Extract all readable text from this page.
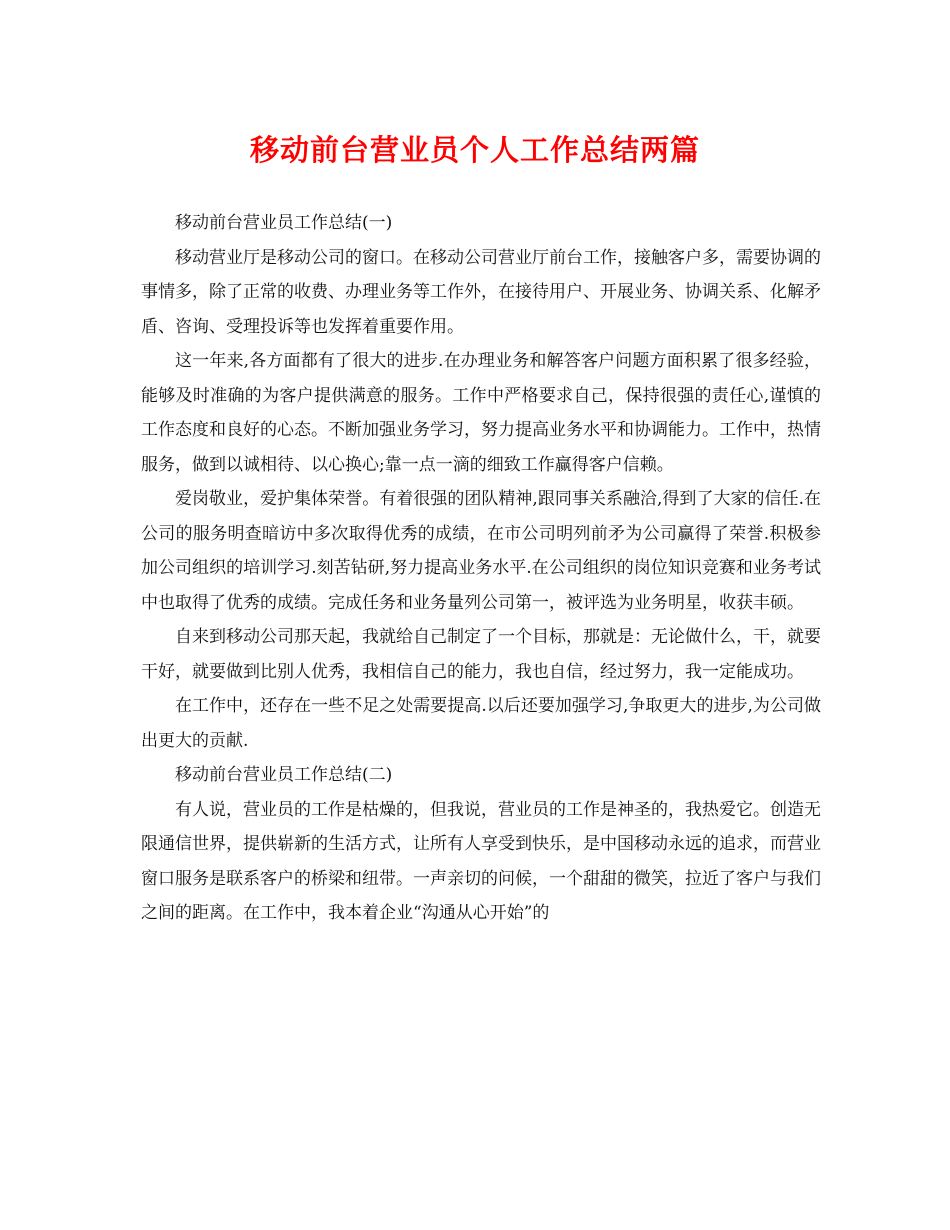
移动前台营业员个人工作总结两篇

移动前台营业员工作总结(一)

移动营业厅是移动公司的窗口。在移动公司营业厅前台工作，接触客户多，需要协调的事情多，除了正常的收费、办理业务等工作外，在接待用户、开展业务、协调关系、化解矛盾、咨询、受理投诉等也发挥着重要作用。

这一年来,各方面都有了很大的进步.在办理业务和解答客户问题方面积累了很多经验，能够及时准确的为客户提供满意的服务。工作中严格要求自己，保持很强的责任心,谨慎的工作态度和良好的心态。不断加强业务学习，努力提高业务水平和协调能力。工作中，热情服务，做到以诚相待、以心换心;靠一点一滴的细致工作赢得客户信赖。

爱岗敬业，爱护集体荣誉。有着很强的团队精神,跟同事关系融洽,得到了大家的信任.在公司的服务明查暗访中多次取得优秀的成绩，在市公司明列前矛为公司赢得了荣誉.积极参加公司组织的培训学习.刻苦钻研,努力提高业务水平.在公司组织的岗位知识竞赛和业务考试中也取得了优秀的成绩。完成任务和业务量列公司第一，被评选为业务明星，收获丰硕。

自来到移动公司那天起，我就给自己制定了一个目标，那就是：无论做什么，干，就要干好，就要做到比别人优秀，我相信自己的能力，我也自信，经过努力，我一定能成功。

在工作中，还存在一些不足之处需要提高.以后还要加强学习,争取更大的进步,为公司做出更大的贡献.

移动前台营业员工作总结(二)

有人说，营业员的工作是枯燥的，但我说，营业员的工作是神圣的，我热爱它。创造无限通信世界，提供崭新的生活方式，让所有人享受到快乐，是中国移动永远的追求，而营业窗口服务是联系客户的桥梁和纽带。一声亲切的问候，一个甜甜的微笑，拉近了客户与我们之间的距离。在工作中，我本着企业“沟通从心开始”的
